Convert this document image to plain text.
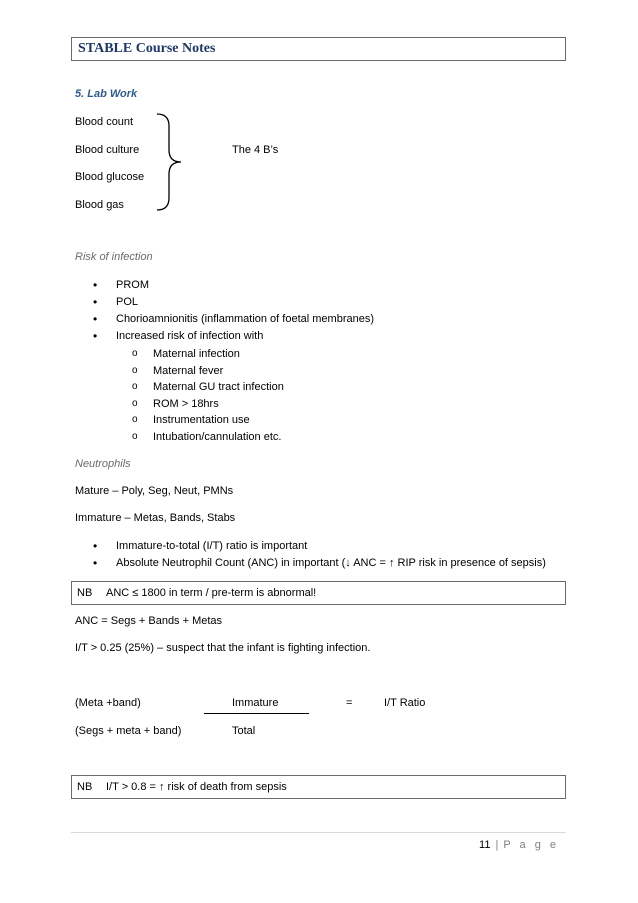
STABLE Course Notes
5. Lab Work
Blood count
Blood culture
Blood glucose
Blood gas
The 4 B’s
Risk of infection
• PROM
• POL
• Chorioamnionitis (inflammation of foetal membranes)
• Increased risk of infection with
o Maternal infection
o Maternal fever
o Maternal GU tract infection
o ROM > 18hrs
o Instrumentation use
o Intubation/cannulation etc.
Neutrophils
Mature – Poly, Seg, Neut, PMNs
Immature – Metas, Bands, Stabs
• Immature-to-total (I/T) ratio is important
• Absolute Neutrophil Count (ANC) in important (↓ ANC = ↑ RIP risk in presence of sepsis)
NB ANC ≤ 1800 in term / pre-term is abnormal!
ANC = Segs + Bands + Metas
I/T > 0.25 (25%) – suspect that the infant is fighting infection.
(Meta +band)	Immature	=	I/T Ratio
(Segs + meta + band)	Total
NB I/T > 0.8 = ↑ risk of death from sepsis
11 | P a g e
